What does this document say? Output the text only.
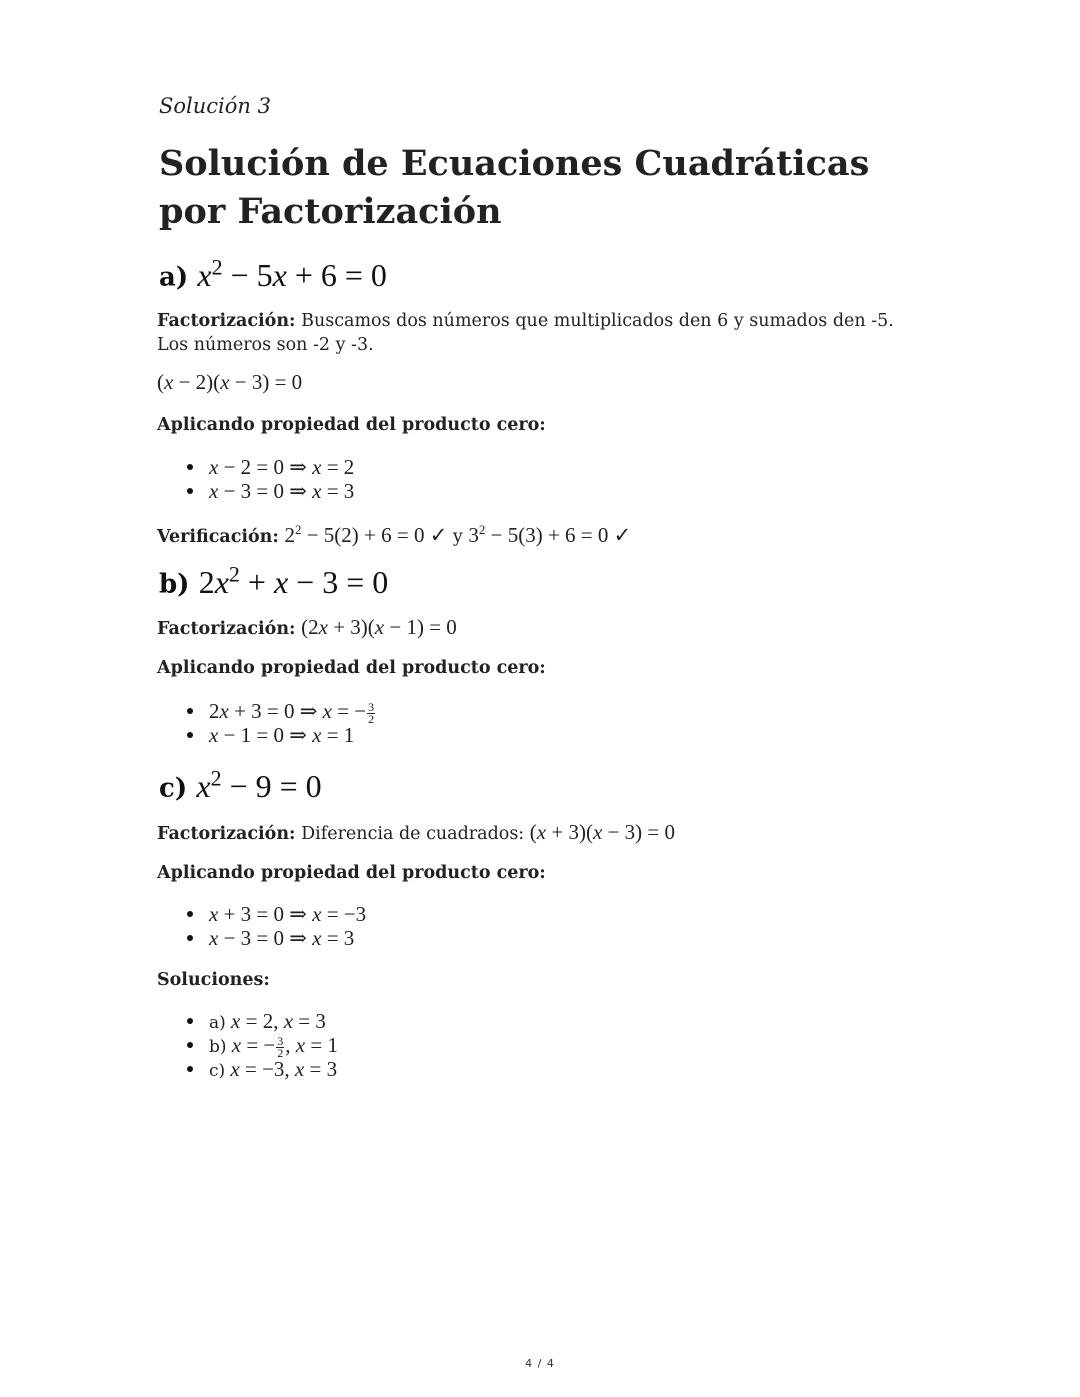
Solución 3
Solución de Ecuaciones Cuadráticas por Factorización
a) $x^2 - 5x + 6 = 0$
Factorización: Buscamos dos números que multiplicados den 6 y sumados den -5.
Los números son -2 y -3.
(x − 2)(x − 3) = 0
Aplicando propiedad del producto cero:
x − 2 = 0 ⇒ x = 2
x − 3 = 0 ⇒ x = 3
Verificación: $2^2 - 5(2) + 6 = 0$ ✓ y $3^2 - 5(3) + 6 = 0$ ✓
b) $2x^2 + x - 3 = 0$
Factorización: (2x + 3)(x − 1) = 0
Aplicando propiedad del producto cero:
2x + 3 = 0 ⇒ x = − $\frac{3}{2}$
x − 1 = 0 ⇒ x = 1
c) $x^2 - 9 = 0$
Factorización: Diferencia de cuadrados: (x + 3)(x − 3) = 0
Aplicando propiedad del producto cero:
x + 3 = 0 ⇒ x = −3
x − 3 = 0 ⇒ x = 3
Soluciones:
a) x = 2, x = 3
b) x = − $\frac{3}{2}$ , x = 1
c) x = −3, x = 3
4 / 4
